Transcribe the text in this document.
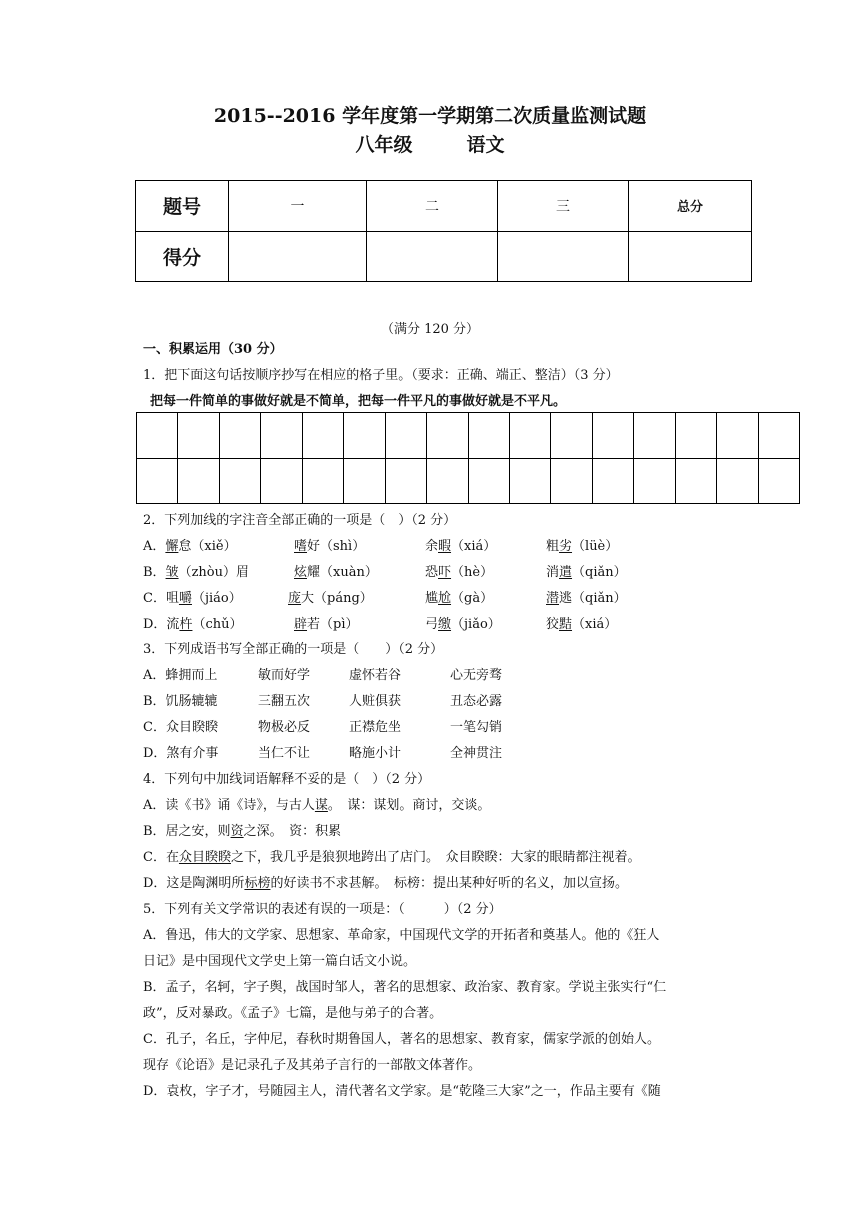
2015--2016 学年度第一学期第二次质量监测试题
八年级	语文
题号	一	二	三	总分
得分				
（满分 120 分）
一、积累运用（30 分）
1．把下面这句话按顺序抄写在相应的格子里。（要求：正确、端正、整洁）（3 分）
把每一件简单的事做好就是不简单，把每一件平凡的事做好就是不平凡。
2．下列加线的字注音全部正确的一项是（　）（2 分）
A．懈怠（xiě）	嗜好（shì）	余暇（xiá）	粗劣（lüè）
B．皱（zhòu）眉	炫耀（xuàn）	恐吓（hè）	消遣（qiǎn）
C．咀嚼（jiáo）	庞大（páng）	尴尬（gà）	潜逃（qiǎn）
D．流杵（chǔ）	辟若（pì）	弓缴（jiǎo）	狡黠（xiá）
3．下列成语书写全部正确的一项是（　　）（2 分）
A．蜂拥而上	敏而好学	虚怀若谷	心无旁骛
B．饥肠辘辘	三翻五次	人赃俱获	丑态必露
C．众目睽睽	物极必反	正襟危坐	一笔勾销
D．煞有介事	当仁不让	略施小计	全神贯注
4．下列句中加线词语解释不妥的是（　）（2 分）
A．读《书》诵《诗》，与古人谋。　谋：谋划。商讨，交谈。
B．居之安，则资之深。　资：积累
C．在众目睽睽之下，我几乎是狼狈地跨出了店门。　众目睽睽：大家的眼睛都注视着。
D．这是陶渊明所标榜的好读书不求甚解。　标榜：提出某种好听的名义，加以宣扬。
5．下列有关文学常识的表述有误的一项是：（　　　）（2 分）
A．鲁迅，伟大的文学家、思想家、革命家，中国现代文学的开拓者和奠基人。他的《狂人
日记》是中国现代文学史上第一篇白话文小说。
B．孟子，名轲，字子舆，战国时邹人，著名的思想家、政治家、教育家。学说主张实行“仁
政”，反对暴政。《孟子》七篇，是他与弟子的合著。
C．孔子，名丘，字仲尼，春秋时期鲁国人，著名的思想家、教育家，儒家学派的创始人。
现存《论语》是记录孔子及其弟子言行的一部散文体著作。
D．袁枚，字子才，号随园主人，清代著名文学家。是“乾隆三大家”之一，作品主要有《随
